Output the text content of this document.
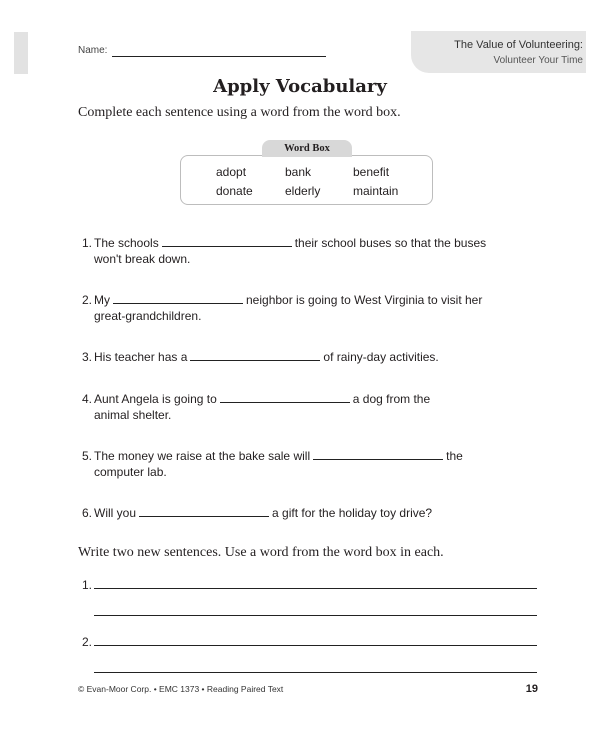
Name:	The Value of Volunteering:
Volunteer Your Time
Apply Vocabulary
Complete each sentence using a word from the word box.
Word Box
adopt	bank	benefit
donate	elderly	maintain
1. The schools	their school buses so that the buses
won't break down.
2. My	neighbor is going to West Virginia to visit her
great-grandchildren.
3. His teacher has a	of rainy-day activities.
4. Aunt Angela is going to	a dog from the
animal shelter.
5. The money we raise at the bake sale will	the
computer lab.
6. Will you	a gift for the holiday toy drive?
Write two new sentences. Use a word from the word box in each.
1.
2.
© Evan-Moor Corp. • EMC 1373 • Reading Paired Text	19
